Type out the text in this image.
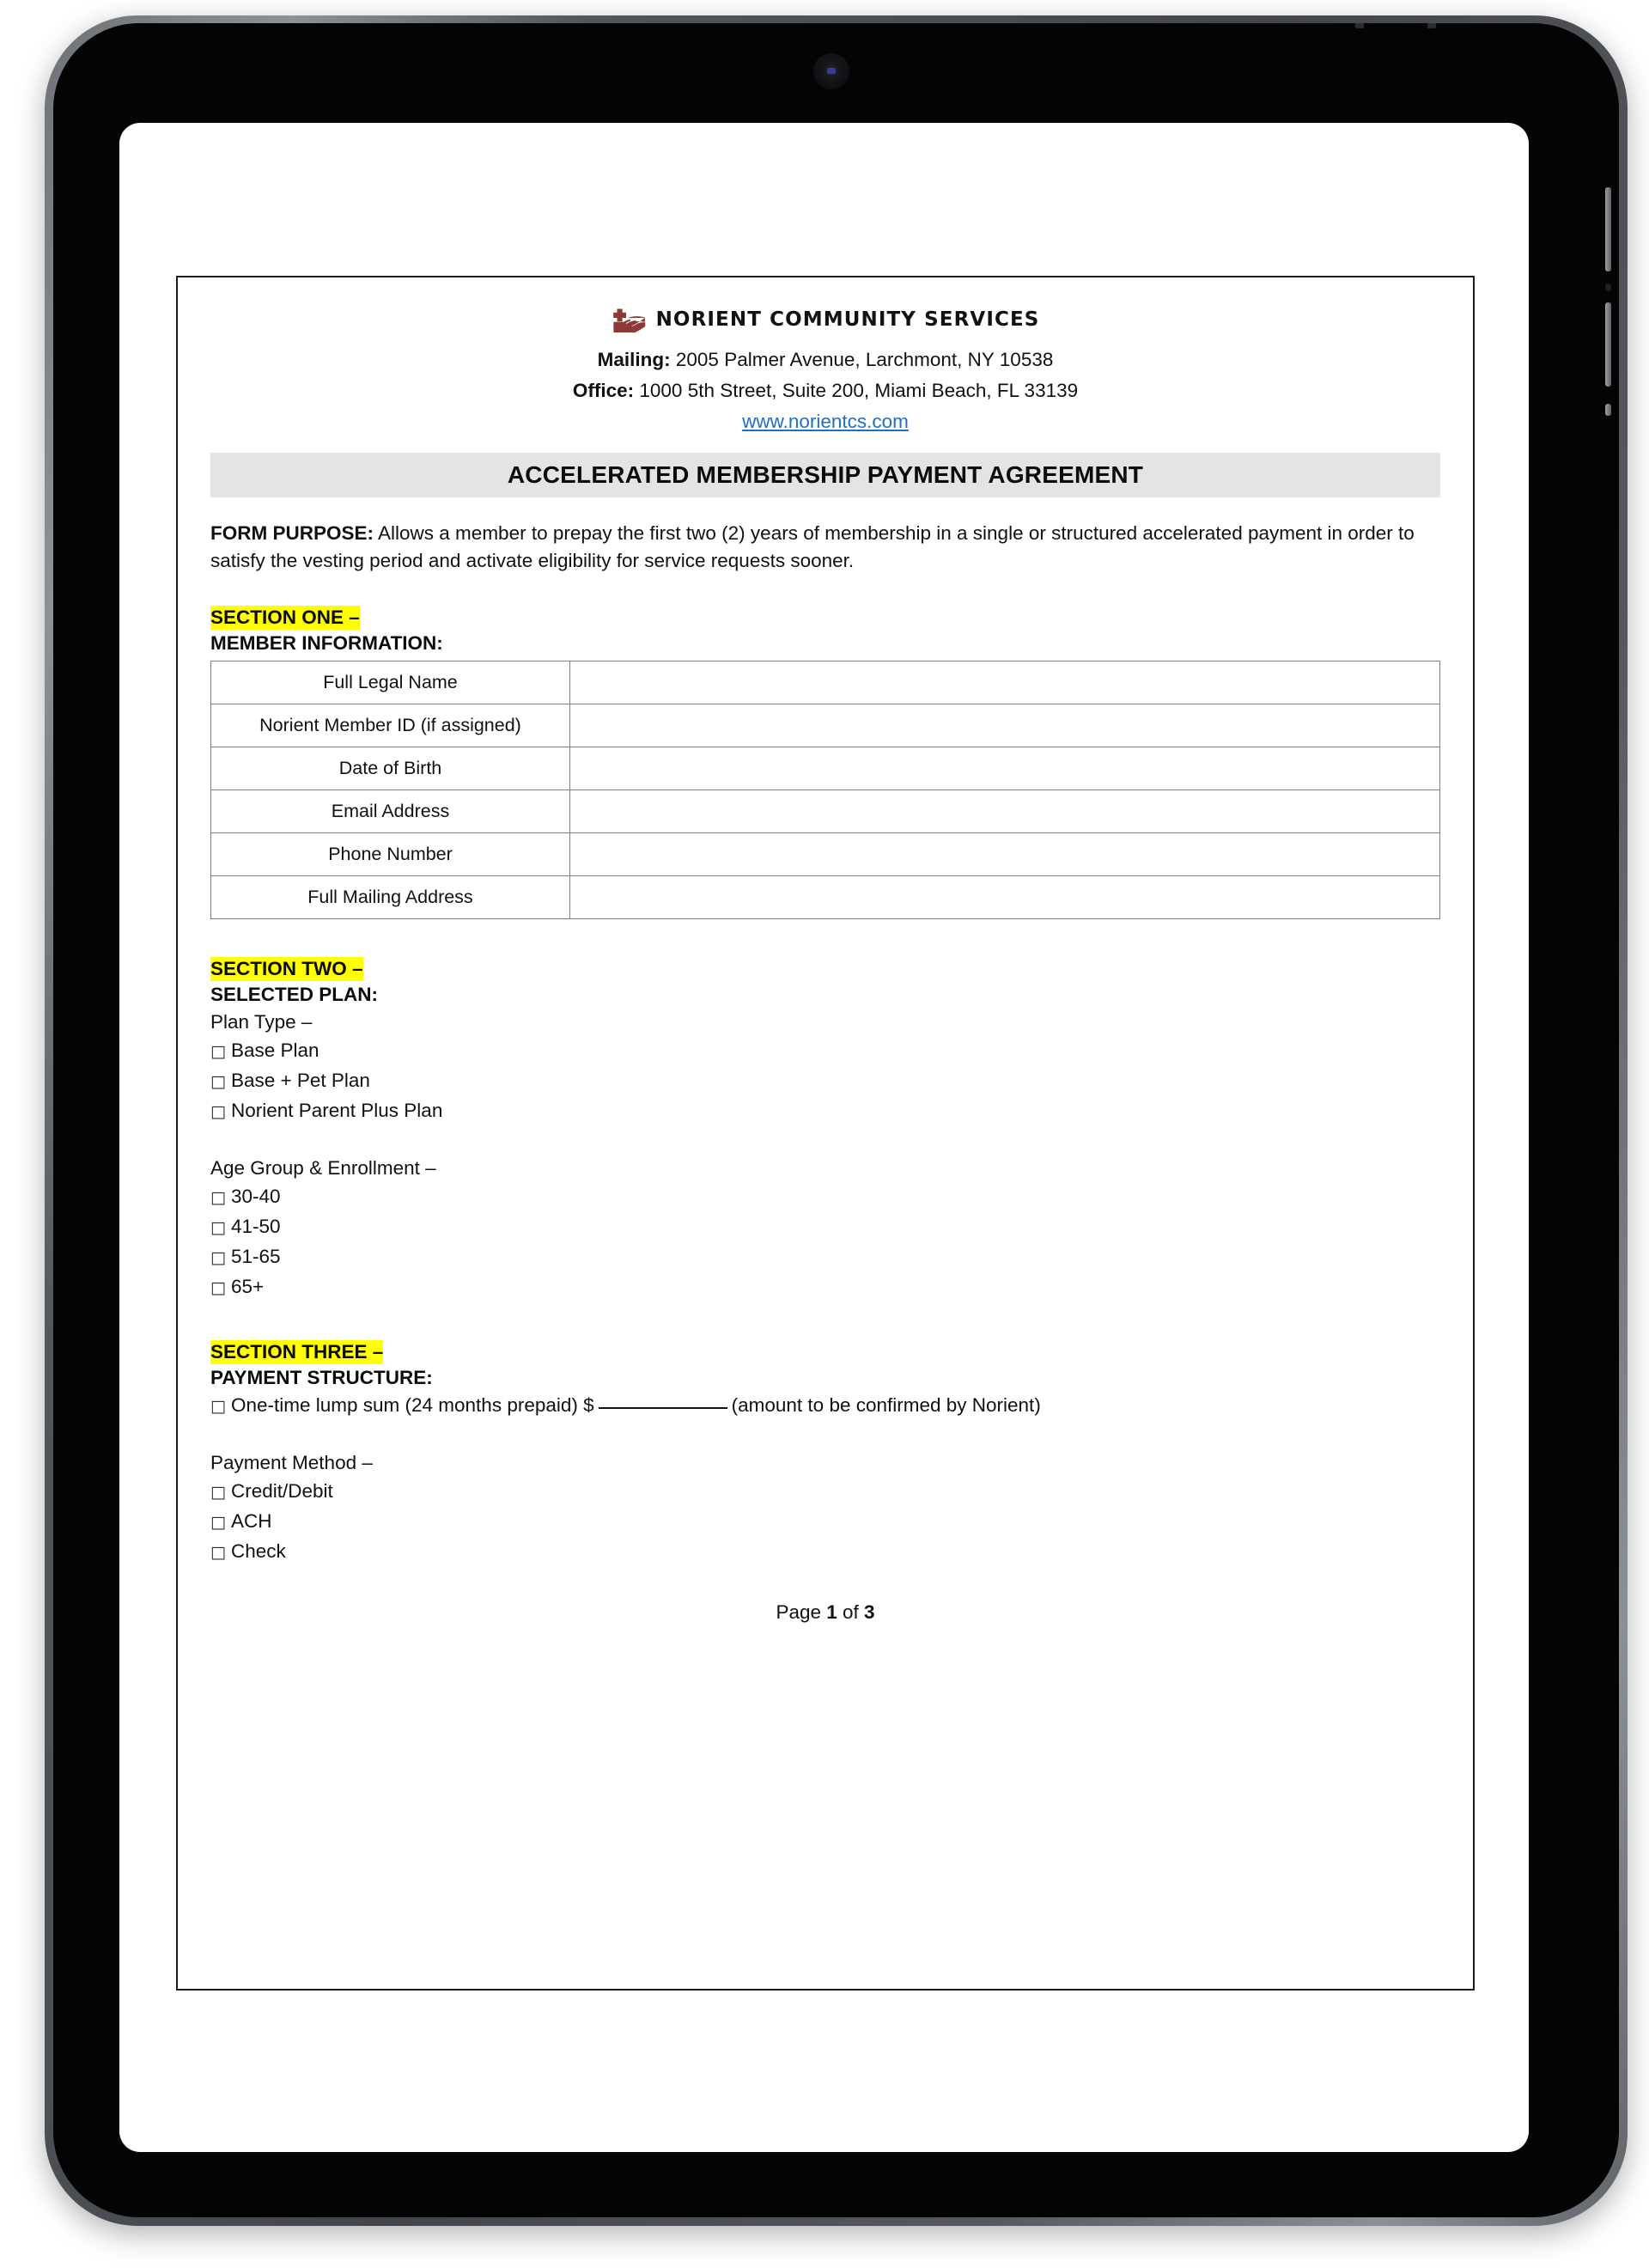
NORIENT COMMUNITY SERVICES
Mailing: 2005 Palmer Avenue, Larchmont, NY 10538
Office: 1000 5th Street, Suite 200, Miami Beach, FL 33139
www.norientcs.com
ACCELERATED MEMBERSHIP PAYMENT AGREEMENT
FORM PURPOSE: Allows a member to prepay the first two (2) years of membership in a single or structured accelerated payment in order to satisfy the vesting period and activate eligibility for service requests sooner.
SECTION ONE –
MEMBER INFORMATION:
Full Legal Name	
Norient Member ID (if assigned)	
Date of Birth	
Email Address	
Phone Number	
Full Mailing Address	
SECTION TWO –
SELECTED PLAN:
Plan Type –
□ Base Plan
□ Base + Pet Plan
□ Norient Parent Plus Plan
Age Group & Enrollment –
□ 30-40
□ 41-50
□ 51-65
□ 65+
SECTION THREE –
PAYMENT STRUCTURE:
□ One-time lump sum (24 months prepaid) $	(amount to be confirmed by Norient)
Payment Method –
□ Credit/Debit
□ ACH
□ Check
Page 1 of 3
